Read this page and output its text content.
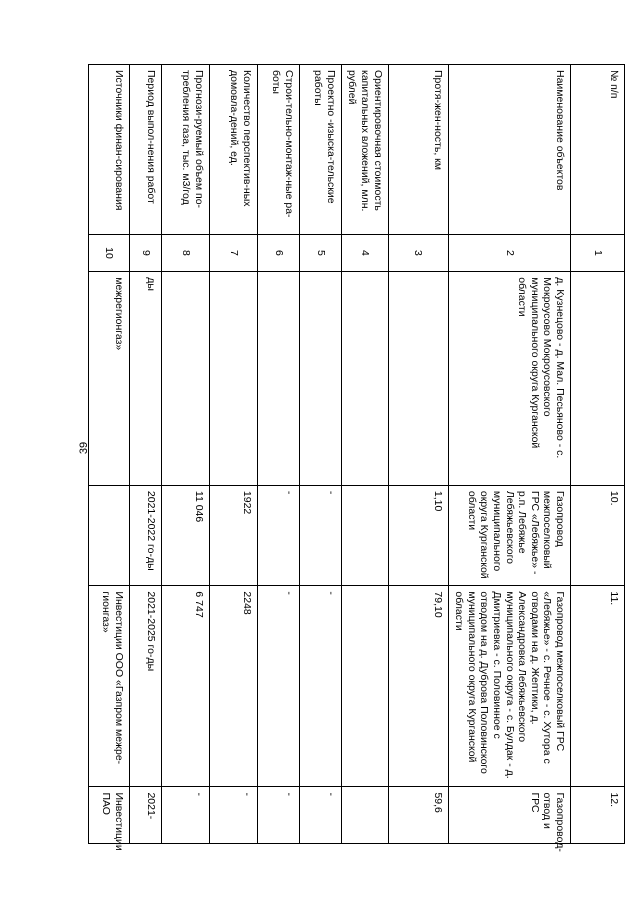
39
№ п/п	1		10.	11.	12.
Наименование объектов	2	д. Кузнецово - д. Мал. Песьяново - с. Мокроусово Мокроусовского муниципального округа Курганской области	Газопровод межпоселковый ГРС «Лебяжье» - р.п. Лебяжье Лебяжьевского муниципального округа Курганской области	Газопровод межпоселковый ГРС «Лебяжье» - с. Речное - с. Хутора с отводами на д. Жептики, д. Александровка Лебяжьевского муниципального округа - с. Булдак - д. Дмитриевка - с. Половинное с отводом на д. Дуброва Половинского муниципального округа Курганской области	Газопровод-отвод и ГРС
Протя-жен-ность, км	3		1,10	79,10	59,6
Ориентировочная стоимость капитальных вложений, млн. рублей	4				
Проектно -изыска-тельские работы	5		-	-	-
Строи-тельно-монтаж-ные ра-боты	6		-	-	-
Количество перспектив-ных домовла-дений, ед.	7		1922	2248	-
Прогнози-руемый объем по-требления газа, тыс. м3/год	8		11 046	6 747	-
Период выпол-нения работ	9	ды	2021-2022 го-ды	2021-2025 го-ды	2021-
Источники финан-сирования	10	межрегионгаз»		Инвестиции ООО «Газпром межре-гионгаз»	Инвестиции ПАО
